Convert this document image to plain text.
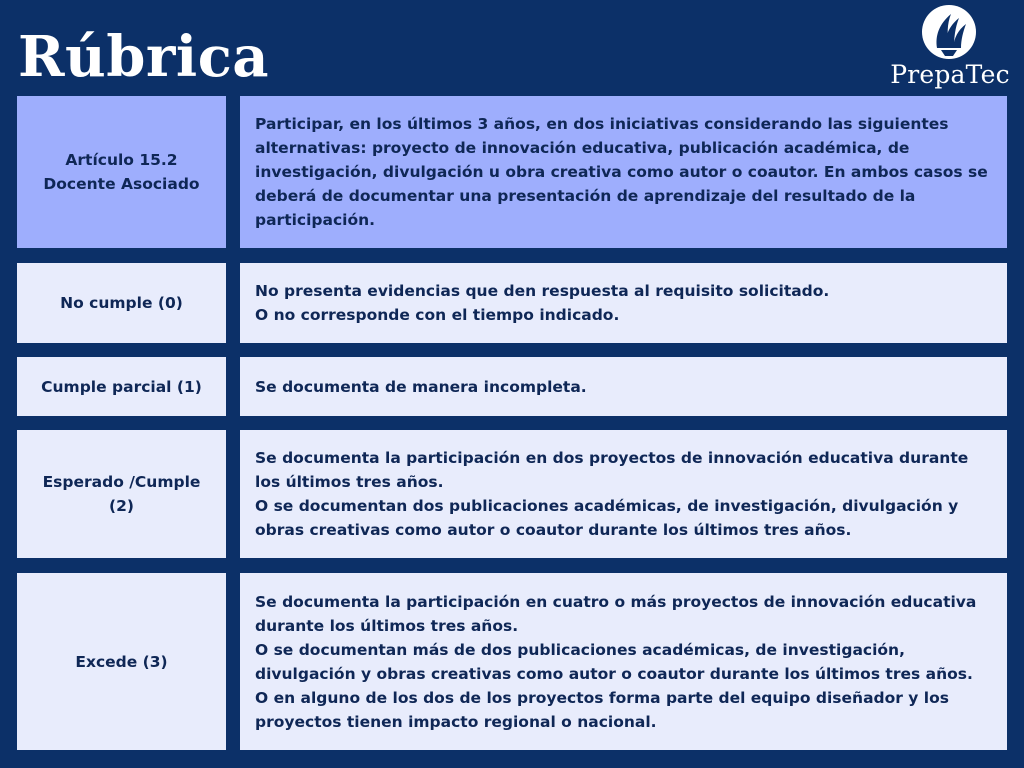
Rúbrica	PrepaTec
Artículo 15.2
Docente Asociado

Participar, en los últimos 3 años, en dos iniciativas considerando las siguientes alternativas: proyecto de innovación educativa, publicación académica, de investigación, divulgación u obra creativa como autor o coautor. En ambos casos se deberá de documentar una presentación de aprendizaje del resultado de la participación.

No cumple (0)

No presenta evidencias que den respuesta al requisito solicitado.

O no corresponde con el tiempo indicado.

Cumple parcial (1)	Se documenta de manera incompleta.

Esperado /Cumple
(2)

Se documenta la participación en dos proyectos de innovación educativa durante los últimos tres años.

O se documentan dos publicaciones académicas, de investigación, divulgación y obras creativas como autor o coautor durante los últimos tres años.

Excede (3)

Se documenta la participación en cuatro o más proyectos de innovación educativa durante los últimos tres años.

O se documentan más de dos publicaciones académicas, de investigación, divulgación y obras creativas como autor o coautor durante los últimos tres años.

O en alguno de los dos de los proyectos forma parte del equipo diseñador y los proyectos tienen impacto regional o nacional.
